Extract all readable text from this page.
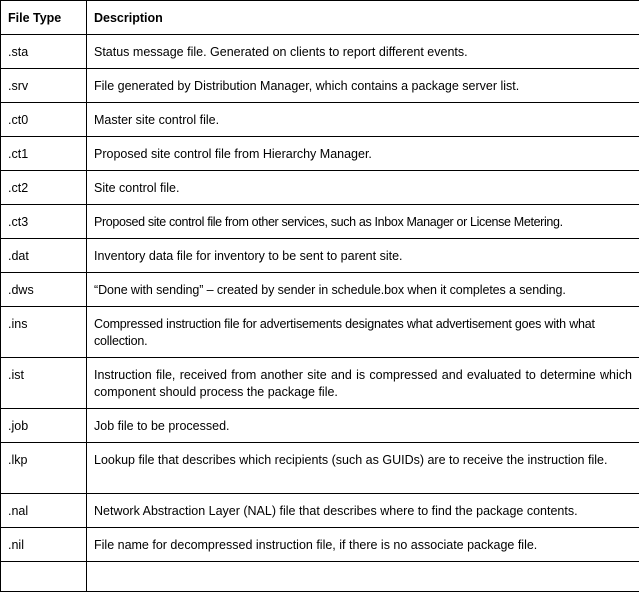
File Type	Description
.sta	Status message file. Generated on clients to report different events.
.srv	File generated by Distribution Manager, which contains a package server list.
.ct0	Master site control file.
.ct1	Proposed site control file from Hierarchy Manager.
.ct2	Site control file.
.ct3	Proposed site control file from other services, such as Inbox Manager or License Metering.
.dat	Inventory data file for inventory to be sent to parent site.
.dws	“Done with sending” – created by sender in schedule.box when it completes a sending.
.ins	Compressed instruction file for advertisements designates what advertisement goes with what collection.
.ist	Instruction file, received from another site and is compressed and evaluated to determine which component should process the package file.
.job	Job file to be processed.
.lkp	Lookup file that describes which recipients (such as GUIDs) are to receive the instruction file.
.nal	Network Abstraction Layer (NAL) file that describes where to find the package contents.
.nil	File name for decompressed instruction file, if there is no associate package file.
